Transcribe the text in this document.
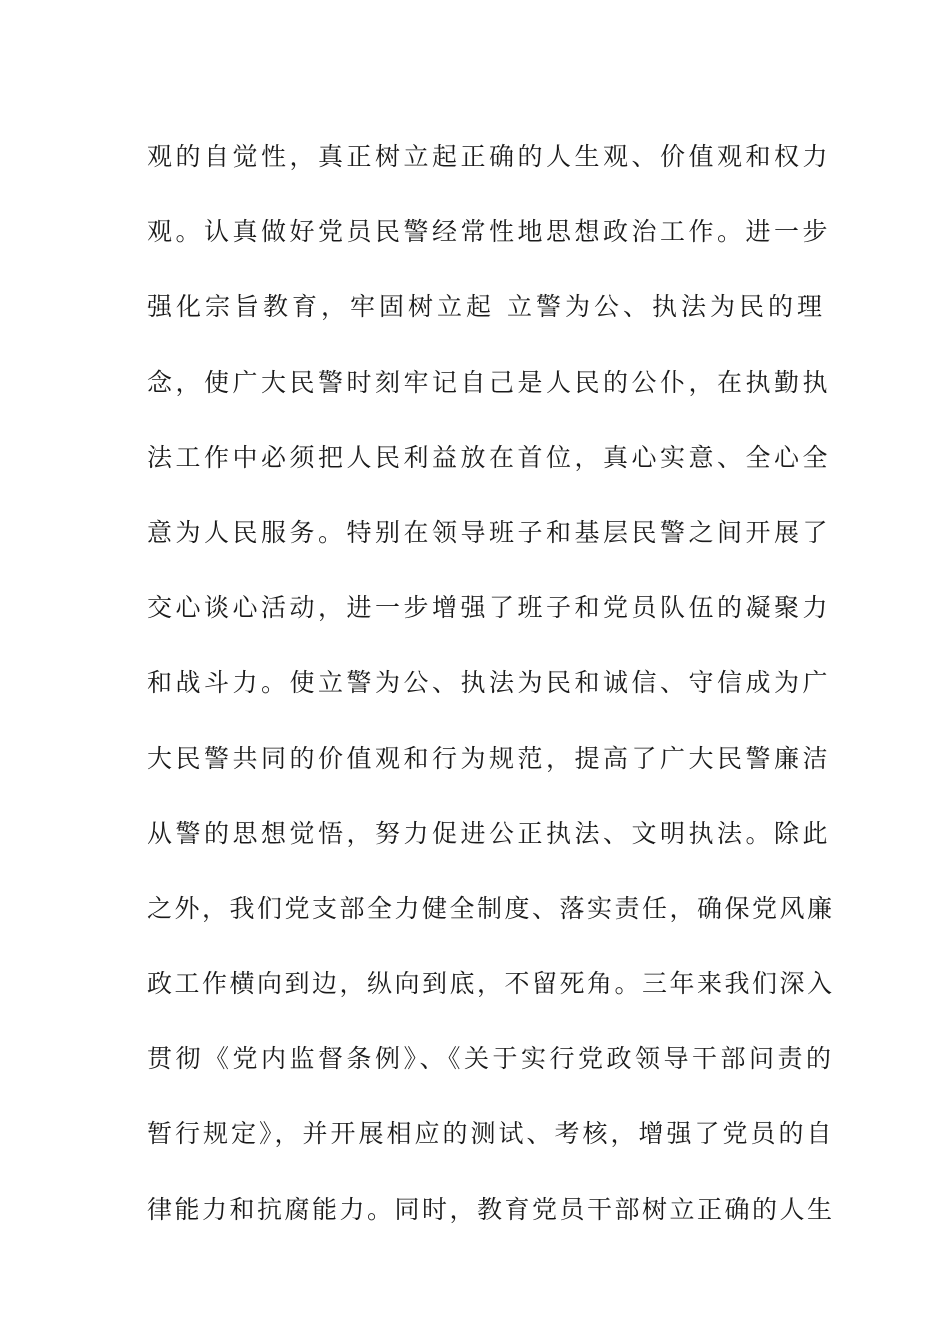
观的自觉性，真正树立起正确的人生观、价值观和权力
观。认真做好党员民警经常性地思想政治工作。进一步
强化宗旨教育，牢固树立起 立警为公、执法为民的理
念，使广大民警时刻牢记自己是人民的公仆，在执勤执
法工作中必须把人民利益放在首位，真心实意、全心全
意为人民服务。特别在领导班子和基层民警之间开展了
交心谈心活动，进一步增强了班子和党员队伍的凝聚力
和战斗力。使立警为公、执法为民和诚信、守信成为广
大民警共同的价值观和行为规范，提高了广大民警廉洁
从警的思想觉悟，努力促进公正执法、文明执法。除此
之外，我们党支部全力健全制度、落实责任，确保党风廉
政工作横向到边，纵向到底，不留死角。三年来我们深入
贯彻《党内监督条例》、《关于实行党政领导干部问责的
暂行规定》，并开展相应的测试、考核，增强了党员的自
律能力和抗腐能力。同时，教育党员干部树立正确的人生
